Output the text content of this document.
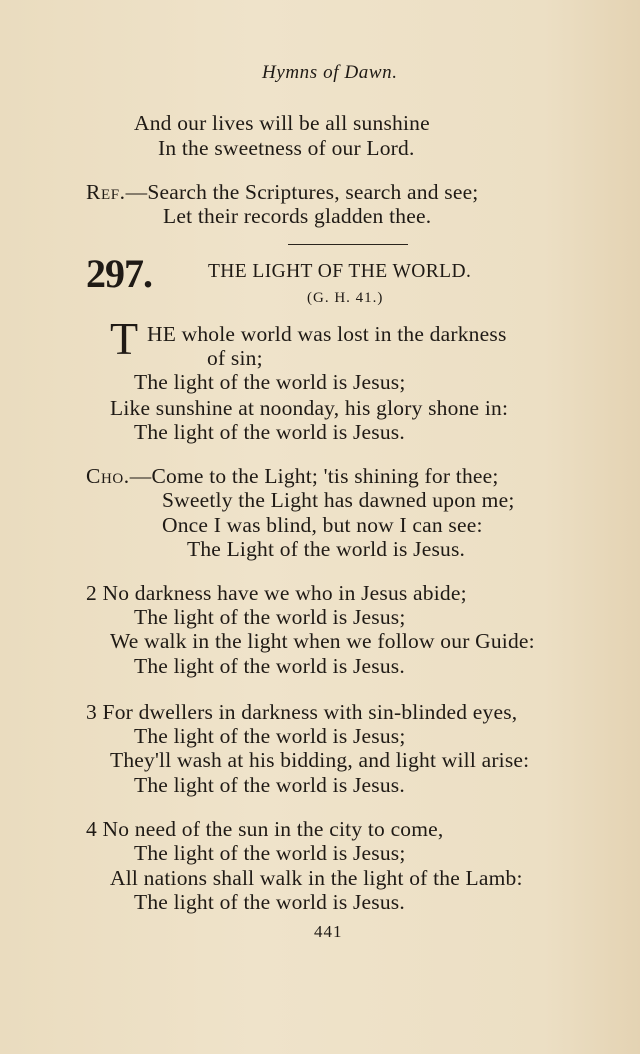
Hymns of Dawn.
And our lives will be all sunshine
In the sweetness of our Lord.
Ref.—Search the Scriptures, search and see;
Let their records gladden thee.
297.	THE LIGHT OF THE WORLD.
(G. H. 41.)
T HE whole world was lost in the darkness
of sin;
The light of the world is Jesus;
Like sunshine at noonday, his glory shone in:
The light of the world is Jesus.
Cho.—Come to the Light; 'tis shining for thee;
Sweetly the Light has dawned upon me;
Once I was blind, but now I can see:
The Light of the world is Jesus.
2 No darkness have we who in Jesus abide;
The light of the world is Jesus;
We walk in the light when we follow our Guide:
The light of the world is Jesus.
3 For dwellers in darkness with sin-blinded eyes,
The light of the world is Jesus;
They'll wash at his bidding, and light will arise:
The light of the world is Jesus.
4 No need of the sun in the city to come,
The light of the world is Jesus;
All nations shall walk in the light of the Lamb:
The light of the world is Jesus.
441
